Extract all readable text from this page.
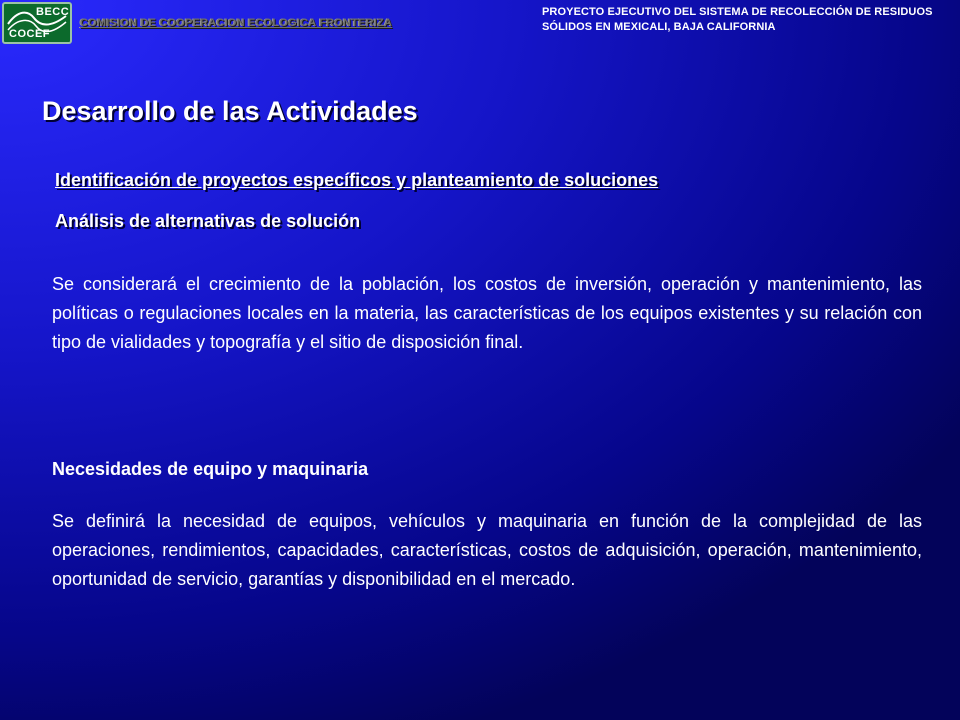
BECC
COCEF
COMISION DE COOPERACION ECOLOGICA FRONTERIZA
PROYECTO EJECUTIVO DEL SISTEMA DE RECOLECCIÓN DE RESIDUOS SÓLIDOS EN MEXICALI, BAJA CALIFORNIA
Desarrollo de las Actividades
Identificación de proyectos específicos y planteamiento de soluciones
Análisis de alternativas de solución
Se considerará el crecimiento de la población, los costos de inversión, operación y mantenimiento, las políticas o regulaciones locales en la materia, las características de los equipos existentes y su relación con tipo de vialidades y topografía y el sitio de disposición final.
Necesidades de equipo y maquinaria
Se definirá la necesidad de equipos, vehículos y maquinaria en función de la complejidad de las operaciones, rendimientos, capacidades, características, costos de adquisición, operación, mantenimiento, oportunidad de servicio, garantías y disponibilidad en el mercado.
